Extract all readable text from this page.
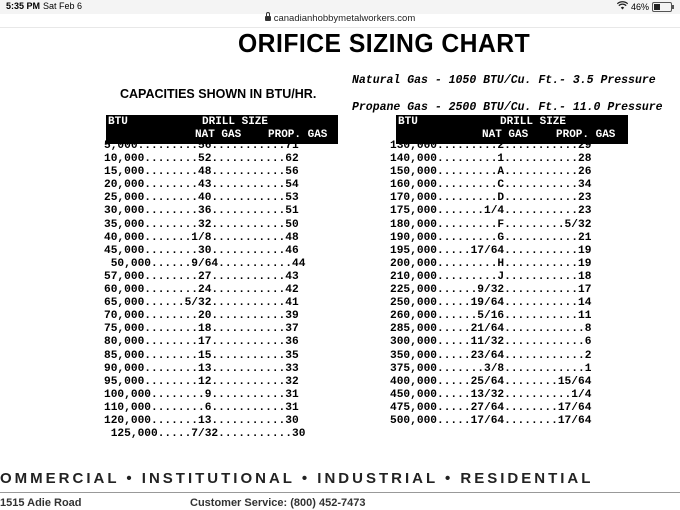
5:35 PM Sat Feb 6	46%
canadianhobbymetalworkers.com
ORIFICE SIZING CHART
Natural Gas - 1050 BTU/Cu. Ft.- 3.5 Pressure
CAPACITIES SHOWN IN BTU/HR.
Propane Gas - 2500 BTU/Cu. Ft.- 11.0 Pressure
BTU	DRILL SIZE
NAT GAS PROP. GAS
BTU	DRILL SIZE
NAT GAS	PROP. GAS
5,000.........56...........71
10,000........52...........62
15,000........48...........56
20,000........43...........54
25,000........40...........53
30,000........36...........51
35,000........32...........50
40,000.......1/8...........48
45,000........30...........46
50,000......9/64...........44
57,000........27...........43
60,000........24...........42
65,000......5/32...........41
70,000........20...........39
75,000........18...........37
80,000........17...........36
85,000........15...........35
90,000........13...........33
95,000........12...........32
100,000........9...........31
110,000........6...........31
120,000.......13...........30
125,000.....7/32...........30
130,000.........2...........29
140,000.........1...........28
150,000.........A...........26
160,000.........C...........34
170,000.........D...........23
175,000.......1/4...........23
180,000.........F.........5/32
190,000.........G...........21
195,000.....17/64...........19
200,000.........H...........19
210,000.........J...........18
225,000......9/32...........17
250,000.....19/64...........14
260,000......5/16...........11
285,000.....21/64............8
300,000.....11/32............6
350,000.....23/64............2
375,000.......3/8............1
400,000.....25/64........15/64
450,000.....13/32..........1/4
475,000.....27/64........17/64
500,000.....17/64........17/64
OMMERCIAL • INSTITUTIONAL • INDUSTRIAL • RESIDENTIAL
1515 Adie Road	Customer Service: (800) 452-7473
